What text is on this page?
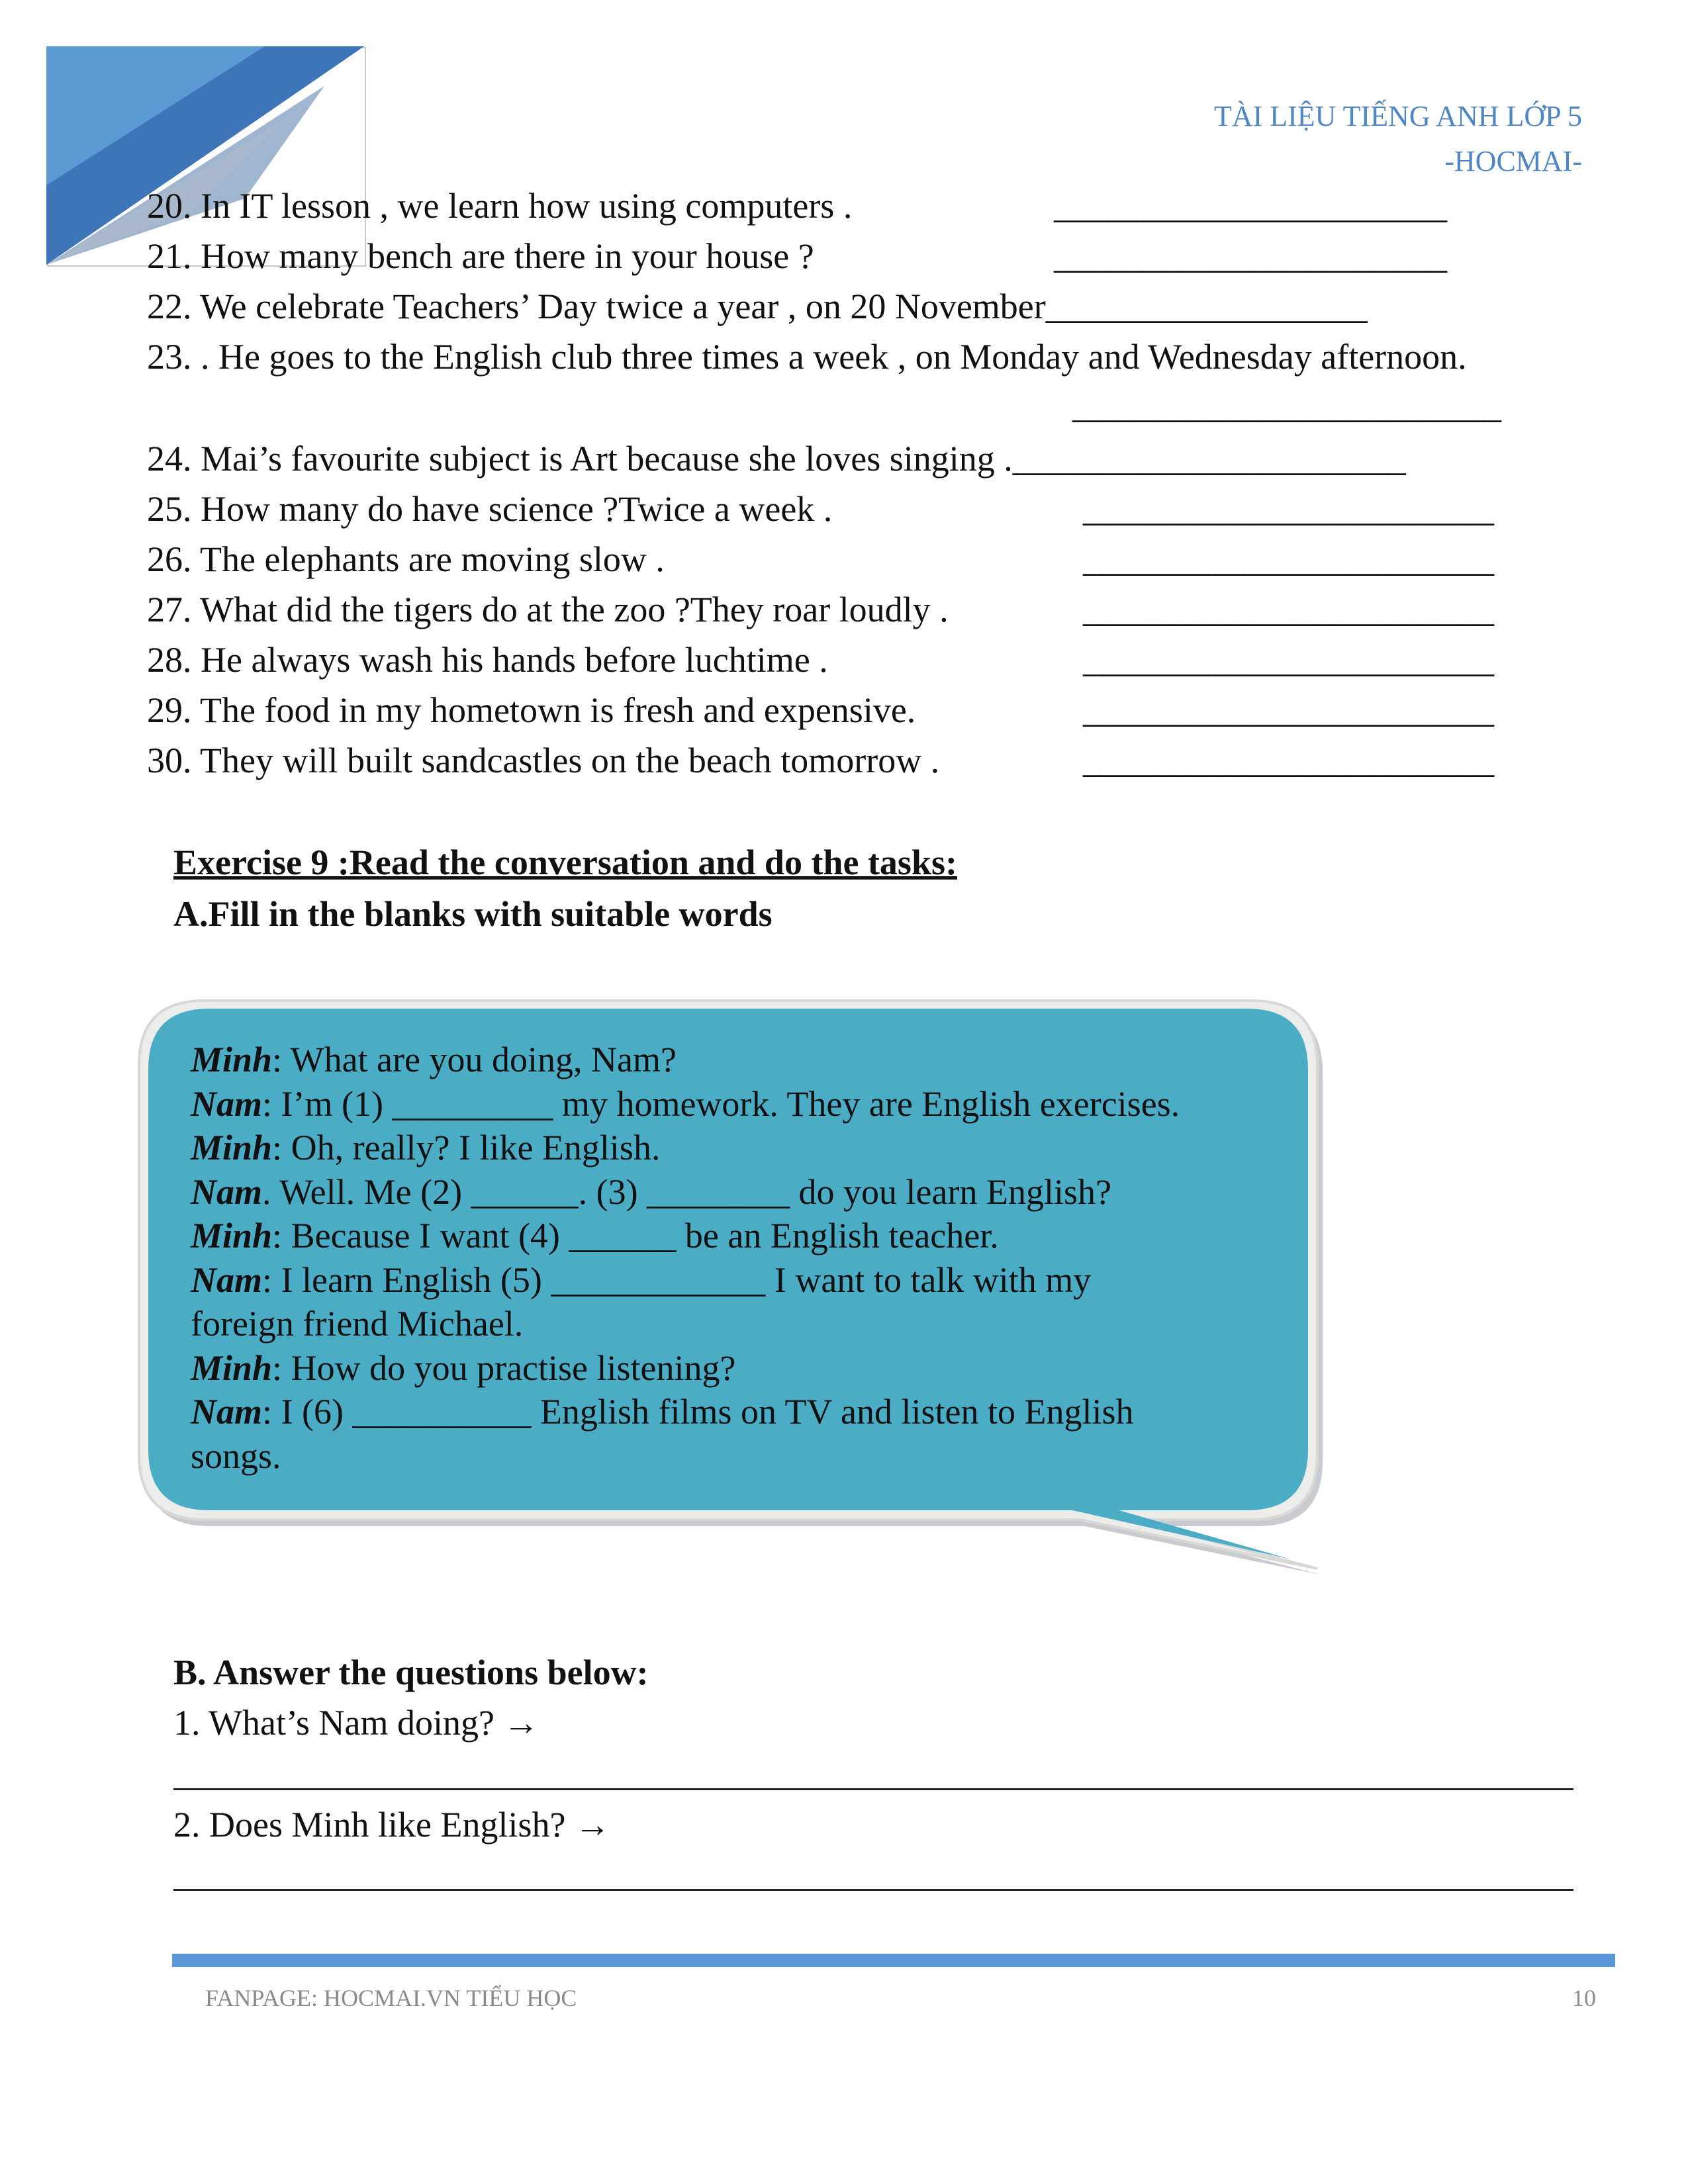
TÀI LIỆU TIẾNG ANH LỚP 5
-HOCMAI-
20. In IT lesson , we learn how using computers .	______________________
21. How many bench are there in your house ?	______________________
22. We celebrate Teachers’ Day twice a year , on 20 November__________________
23. . He goes to the English club three times a week , on Monday and Wednesday afternoon.
________________________
24. Mai’s favourite subject is Art because she loves singing .______________________
25. How many do have science ?Twice a week .	_______________________
26. The elephants are moving slow .	_______________________
27. What did the tigers do at the zoo ?They roar loudly .	_______________________
28. He always wash his hands before luchtime .	_______________________
29. The food in my hometown is fresh and expensive.	_______________________
30. They will built sandcastles on the beach tomorrow .	_______________________
Exercise 9 :Read the conversation and do the tasks:
A.Fill in the blanks with suitable words
Minh: What are you doing, Nam?
Nam: I’m (1) _________ my homework. They are English exercises.
Minh: Oh, really? I like English.
Nam. Well. Me (2) ______. (3) ________ do you learn English?
Minh: Because I want (4) ______ be an English teacher.
Nam: I learn English (5) ____________ I want to talk with my
foreign friend Michael.
Minh: How do you practise listening?
Nam: I (6) __________ English films on TV and listen to English
songs.
B. Answer the questions below:
1. What’s Nam doing? →
2. Does Minh like English? →
FANPAGE: HOCMAI.VN TIỂU HỌC	10
